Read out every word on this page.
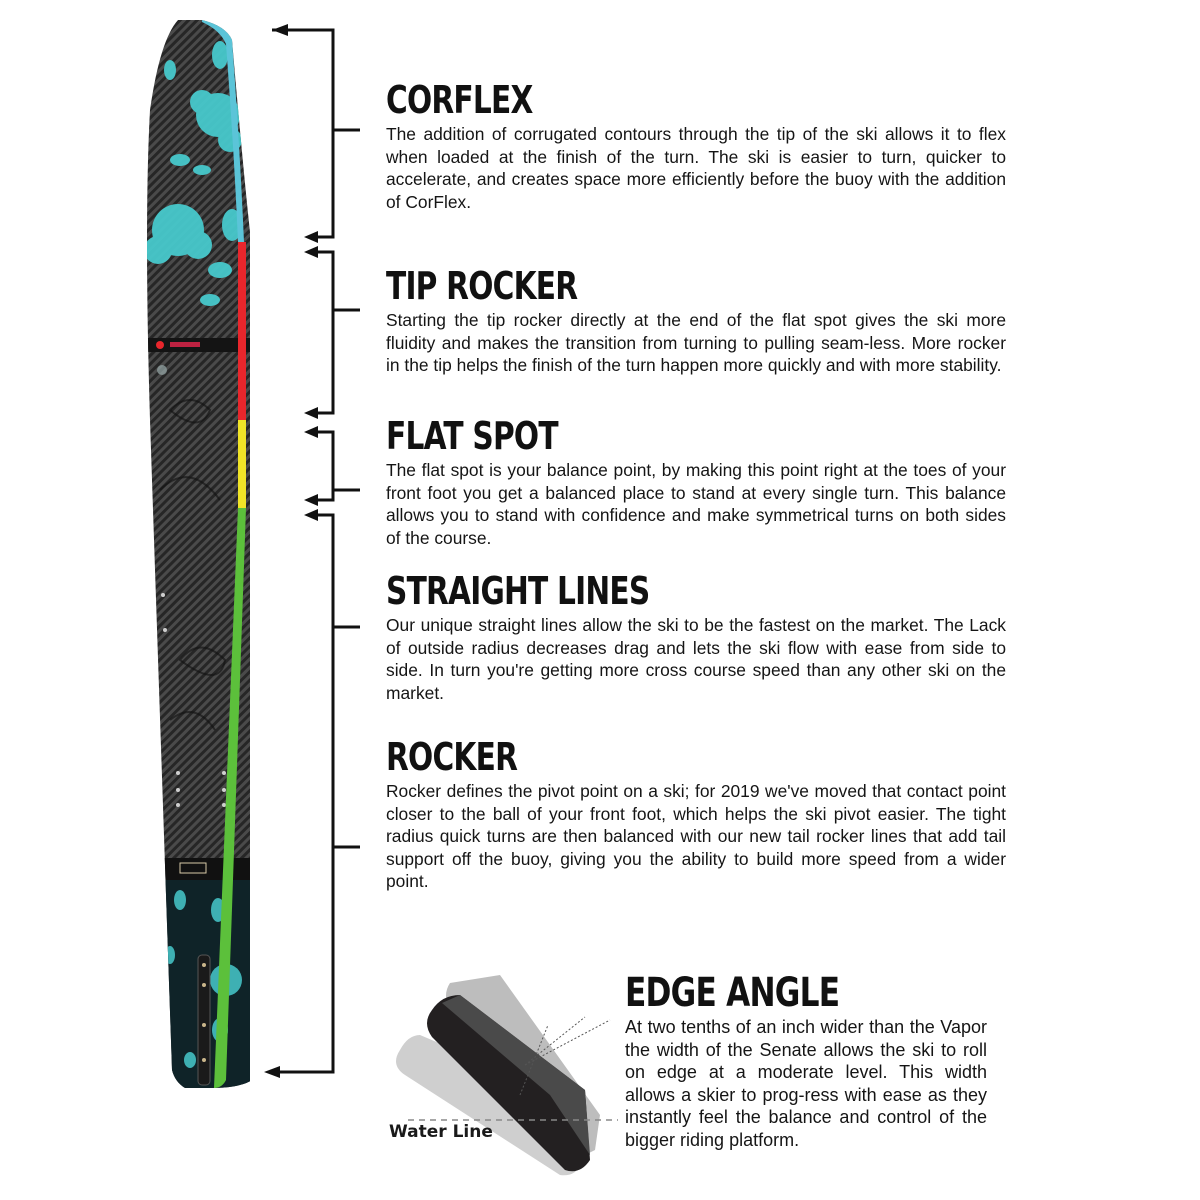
CORFLEX

The addition of corrugated contours through the tip of the ski allows it to flex when loaded at the finish of the turn. The ski is easier to turn, quicker to accelerate, and creates space more efficiently before the buoy with the addition of CorFlex.

TIP ROCKER

Starting the tip rocker directly at the end of the flat spot gives the ski more fluidity and makes the transition from turning to pulling seam-less. More rocker in the tip helps the finish of the turn happen more quickly and with more stability.

FLAT SPOT

The flat spot is your balance point, by making this point right at the toes of your front foot you get a balanced place to stand at every single turn. This balance allows you to stand with confidence and make symmetrical turns on both sides of the course.

STRAIGHT LINES

Our unique straight lines allow the ski to be the fastest on the market. The Lack of outside radius decreases drag and lets the ski flow with ease from side to side. In turn you're getting more cross course speed than any other ski on the market.

ROCKER

Rocker defines the pivot point on a ski; for 2019 we've moved that contact point closer to the ball of your front foot, which helps the ski pivot easier. The tight radius quick turns are then balanced with our new tail rocker lines that add tail support off the buoy, giving you the ability to build more speed from a wider point.

Water Line
EDGE ANGLE

At two tenths of an inch wider than the Vapor the width of the Senate allows the ski to roll on edge at a moderate level. This width allows a skier to prog-ress with ease as they instantly feel the balance and control of the bigger riding platform.
